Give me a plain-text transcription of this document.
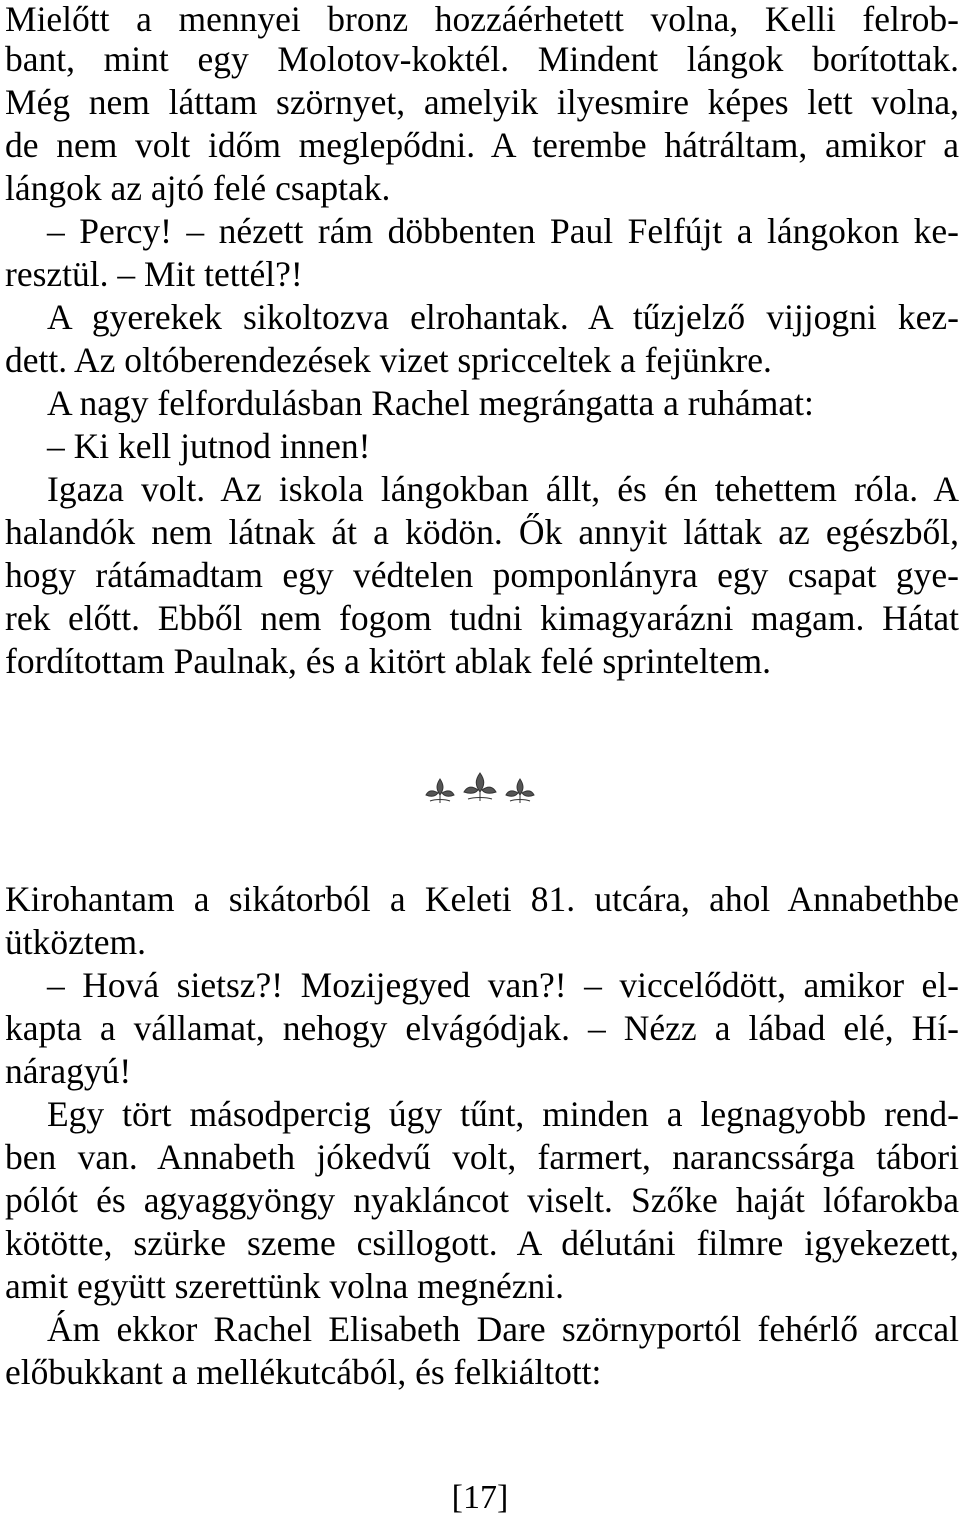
Mielőtt a mennyei bronz hozzáérhetett volna, Kelli felrob-

bant, mint egy Molotov-koktél. Mindent lángok borítottak.

Még nem láttam szörnyet, amelyik ilyesmire képes lett volna,

de nem volt időm meglepődni. A terembe hátráltam, amikor a

lángok az ajtó felé csaptak.

– Percy! – nézett rám döbbenten Paul Felfújt a lángokon ke-

resztül. – Mit tettél?!

A gyerekek sikoltozva elrohantak. A tűzjelző vijjogni kez-

dett. Az oltóberendezések vizet spricceltek a fejünkre.

A nagy felfordulásban Rachel megrángatta a ruhámat:

– Ki kell jutnod innen!

Igaza volt. Az iskola lángokban állt, és én tehettem róla. A

halandók nem látnak át a ködön. Ők annyit láttak az egészből,

hogy rátámadtam egy védtelen pomponlányra egy csapat gye-

rek előtt. Ebből nem fogom tudni kimagyarázni magam. Hátat

fordítottam Paulnak, és a kitört ablak felé sprinteltem.

Kirohantam a sikátorból a Keleti 81. utcára, ahol Annabethbe

ütköztem.

– Hová sietsz?! Mozijegyed van?! – viccelődött, amikor el-

kapta a vállamat, nehogy elvágódjak. – Nézz a lábad elé, Hí-

náragyú!

Egy tört másodpercig úgy tűnt, minden a legnagyobb rend-

ben van. Annabeth jókedvű volt, farmert, narancssárga tábori

pólót és agyaggyöngy nyakláncot viselt. Szőke haját lófarokba

kötötte, szürke szeme csillogott. A délutáni filmre igyekezett,

amit együtt szerettünk volna megnézni.

Ám ekkor Rachel Elisabeth Dare szörnyportól fehérlő arccal

előbukkant a mellékutcából, és felkiáltott:

[17]
